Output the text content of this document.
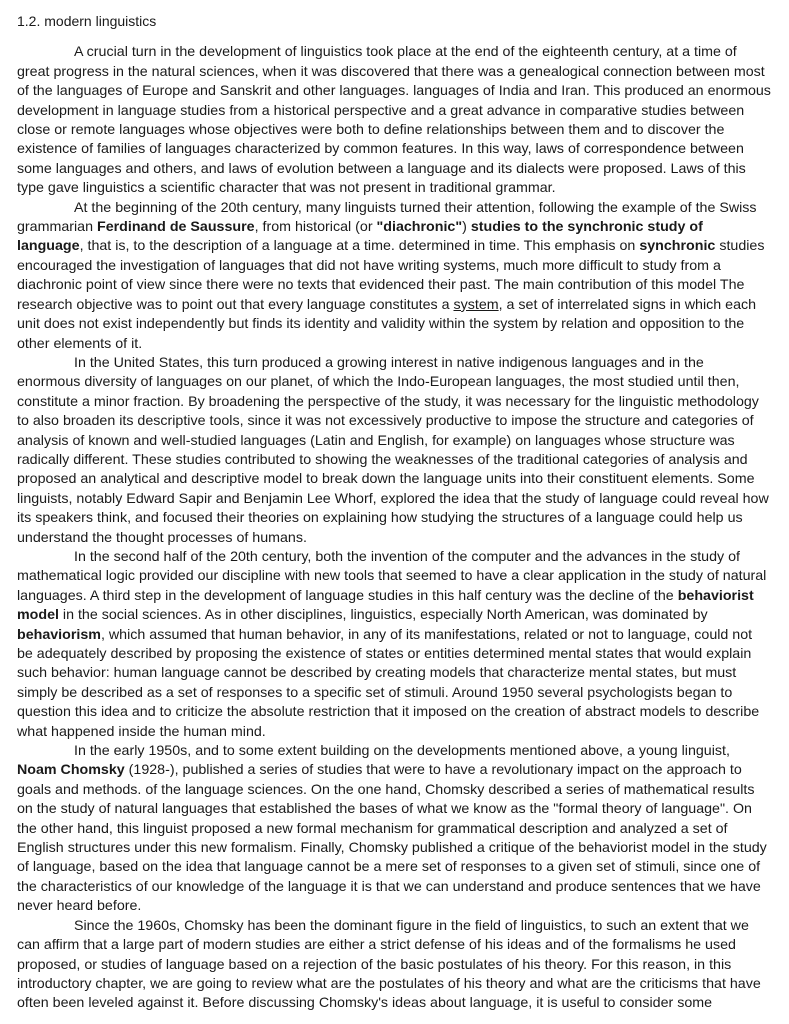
1.2. modern linguistics

A crucial turn in the development of linguistics took place at the end of the eighteenth century, at a time of great progress in the natural sciences, when it was discovered that there was a genealogical connection between most of the languages of Europe and Sanskrit and other languages. languages of India and Iran. This produced an enormous development in language studies from a historical perspective and a great advance in comparative studies between close or remote languages whose objectives were both to define relationships between them and to discover the existence of families of languages characterized by common features. In this way, laws of correspondence between some languages and others, and laws of evolution between a language and its dialects were proposed. Laws of this type gave linguistics a scientific character that was not present in traditional grammar.

At the beginning of the 20th century, many linguists turned their attention, following the example of the Swiss grammarian Ferdinand de Saussure, from historical (or "diachronic") studies to the synchronic study of language, that is, to the description of a language at a time. determined in time. This emphasis on synchronic studies encouraged the investigation of languages that did not have writing systems, much more difficult to study from a diachronic point of view since there were no texts that evidenced their past. The main contribution of this model The research objective was to point out that every language constitutes a system, a set of interrelated signs in which each unit does not exist independently but finds its identity and validity within the system by relation and opposition to the other elements of it.

In the United States, this turn produced a growing interest in native indigenous languages and in the enormous diversity of languages on our planet, of which the Indo-European languages, the most studied until then, constitute a minor fraction. By broadening the perspective of the study, it was necessary for the linguistic methodology to also broaden its descriptive tools, since it was not excessively productive to impose the structure and categories of analysis of known and well-studied languages (Latin and English, for example) on languages whose structure was radically different. These studies contributed to showing the weaknesses of the traditional categories of analysis and proposed an analytical and descriptive model to break down the language units into their constituent elements. Some linguists, notably Edward Sapir and Benjamin Lee Whorf, explored the idea that the study of language could reveal how its speakers think, and focused their theories on explaining how studying the structures of a language could help us understand the thought processes of humans.

In the second half of the 20th century, both the invention of the computer and the advances in the study of mathematical logic provided our discipline with new tools that seemed to have a clear application in the study of natural languages. A third step in the development of language studies in this half century was the decline of the behaviorist model in the social sciences. As in other disciplines, linguistics, especially North American, was dominated by behaviorism, which assumed that human behavior, in any of its manifestations, related or not to language, could not be adequately described by proposing the existence of states or entities determined mental states that would explain such behavior: human language cannot be described by creating models that characterize mental states, but must simply be described as a set of responses to a specific set of stimuli. Around 1950 several psychologists began to question this idea and to criticize the absolute restriction that it imposed on the creation of abstract models to describe what happened inside the human mind.

In the early 1950s, and to some extent building on the developments mentioned above, a young linguist, Noam Chomsky (1928-), published a series of studies that were to have a revolutionary impact on the approach to goals and methods. of the language sciences. On the one hand, Chomsky described a series of mathematical results on the study of natural languages that established the bases of what we know as the "formal theory of language". On the other hand, this linguist proposed a new formal mechanism for grammatical description and analyzed a set of English structures under this new formalism. Finally, Chomsky published a critique of the behaviorist model in the study of language, based on the idea that language cannot be a mere set of responses to a given set of stimuli, since one of the characteristics of our knowledge of the language it is that we can understand and produce sentences that we have never heard before.

Since the 1960s, Chomsky has been the dominant figure in the field of linguistics, to such an extent that we can affirm that a large part of modern studies are either a strict defense of his ideas and of the formalisms he used proposed, or studies of language based on a rejection of the basic postulates of his theory. For this reason, in this introductory chapter, we are going to review what are the postulates of his theory and what are the criticisms that have often been leveled against it. Before discussing Chomsky's ideas about language, it is useful to consider some
